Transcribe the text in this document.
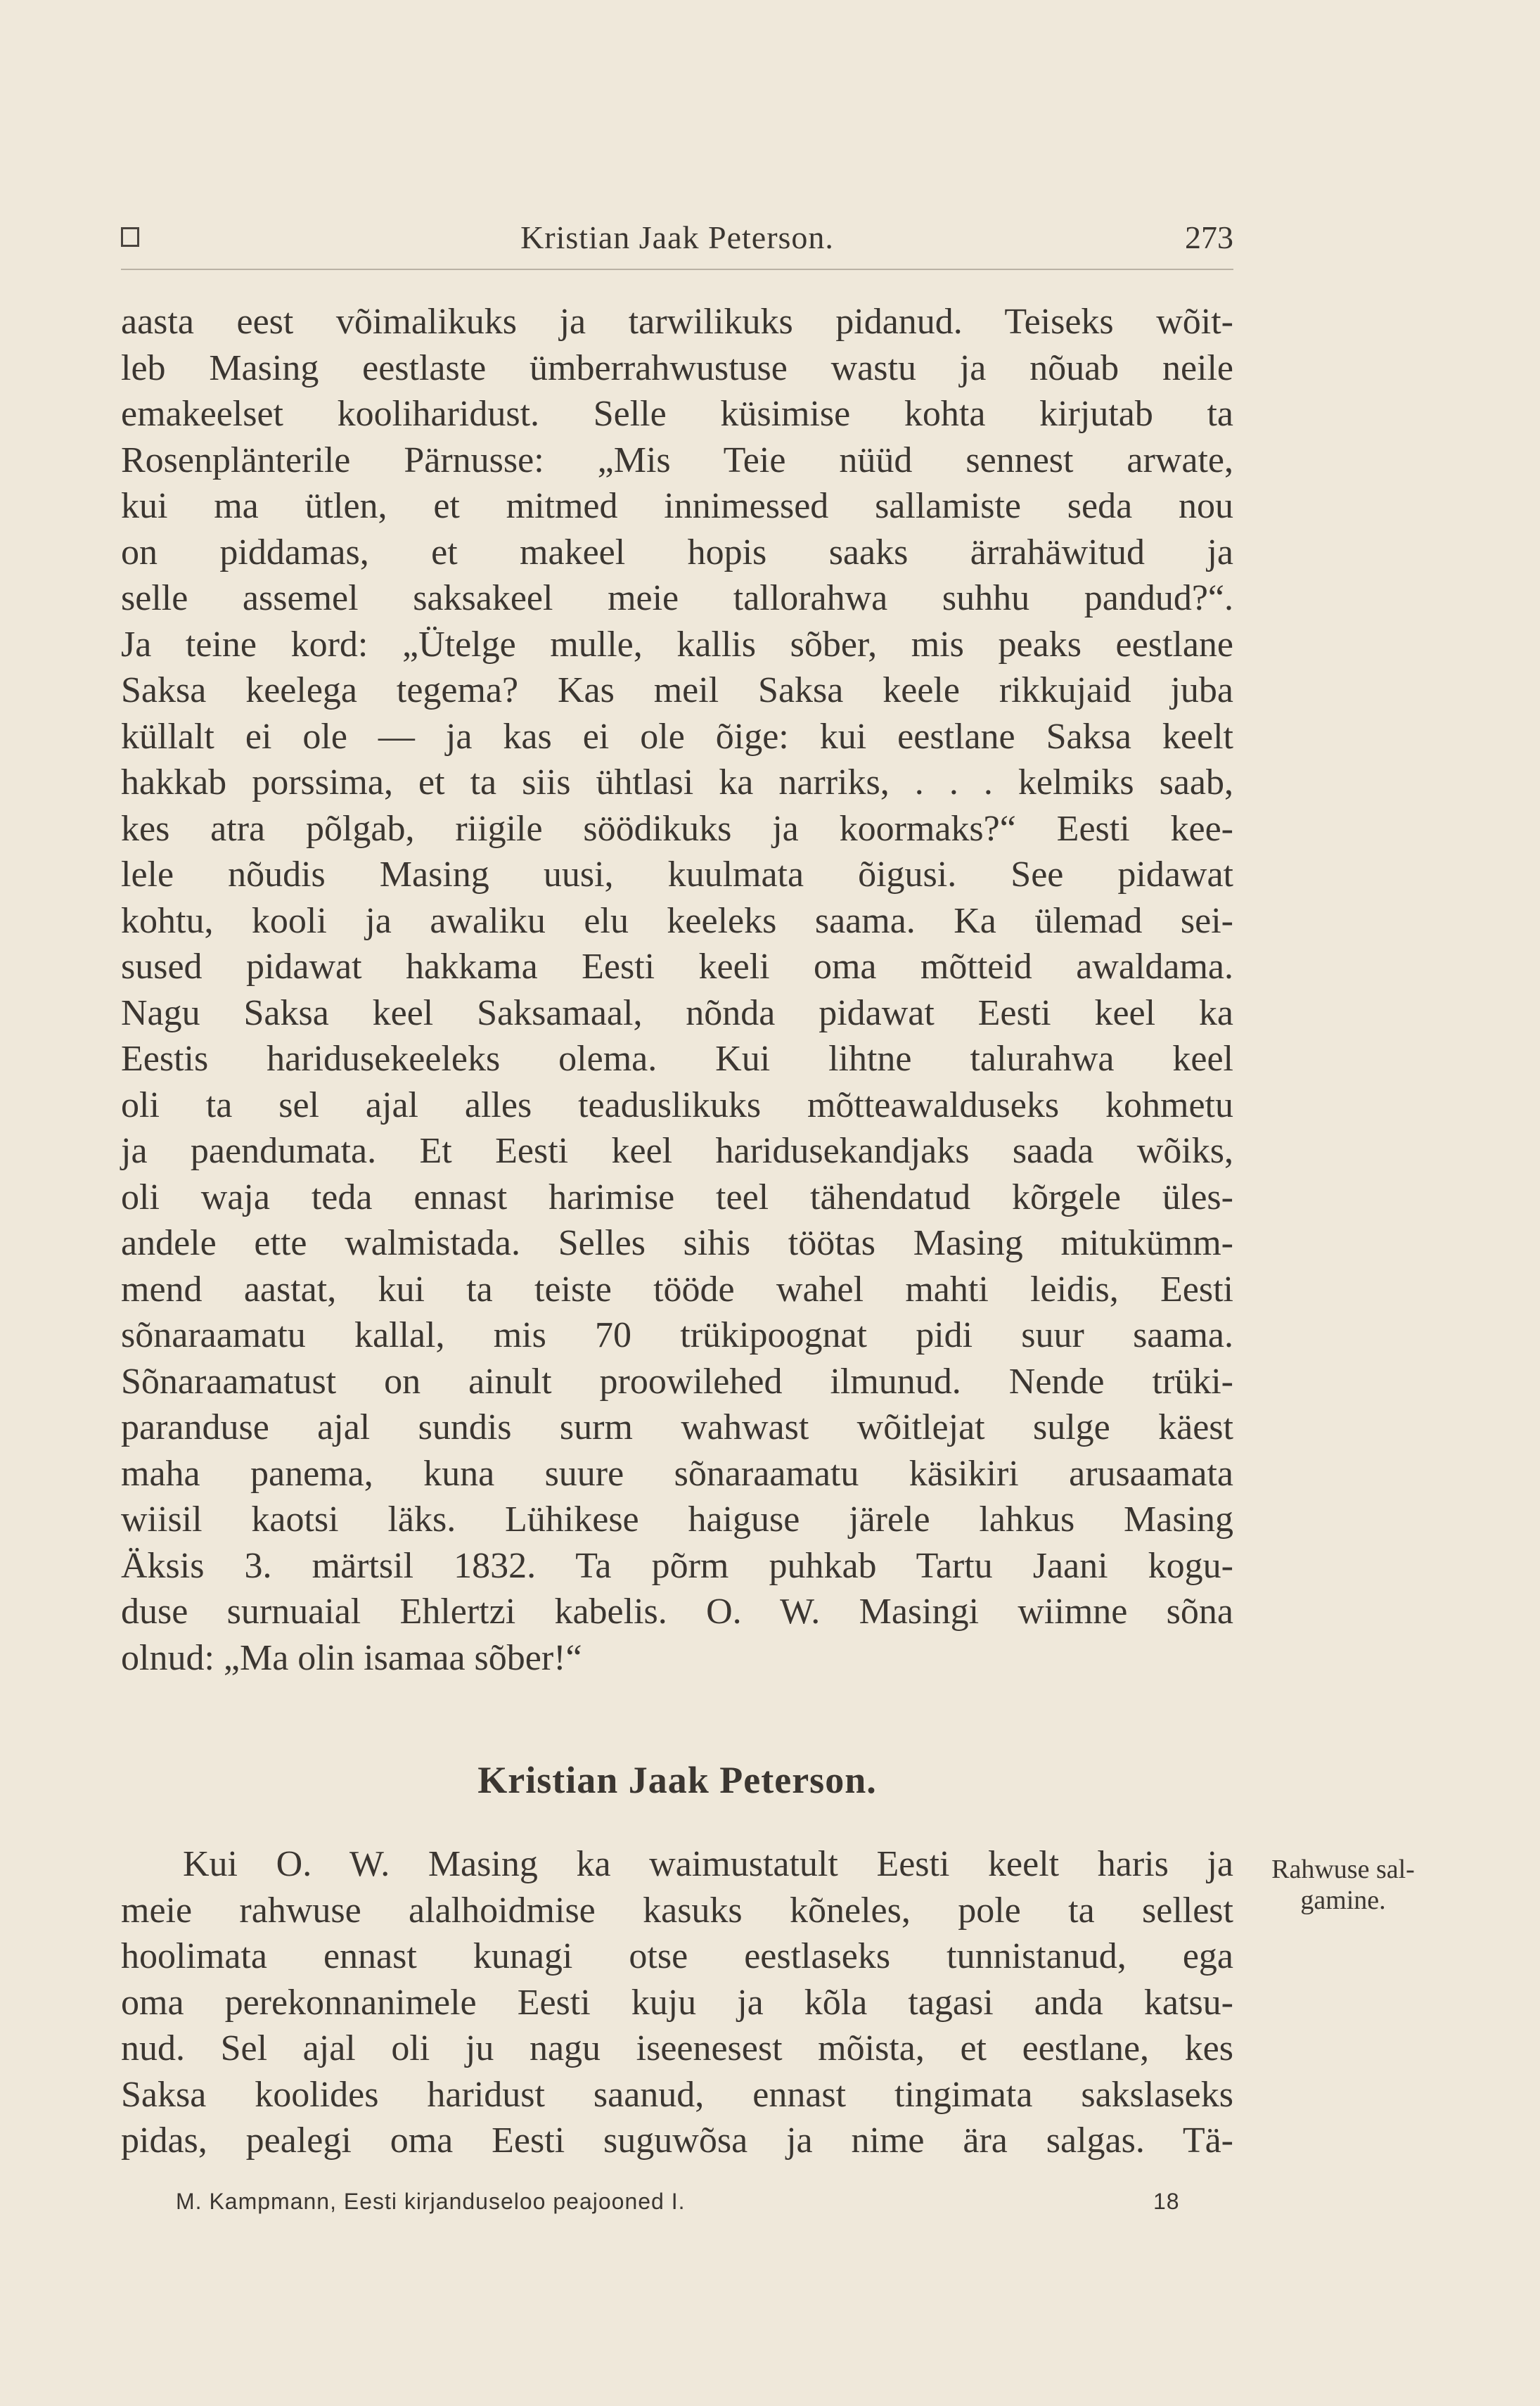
Kristian Jaak Peterson.	273
aasta eest võimalikuks ja tarwilikuks pidanud. Teiseks wõit-
leb Masing eestlaste ümberrahwustuse wastu ja nõuab neile
emakeelset kooliharidust. Selle küsimise kohta kirjutab ta
Rosenplänterile Pärnusse: „Mis Teie nüüd sennest arwate,
kui ma ütlen, et mitmed innimessed sallamiste seda nou
on piddamas, et makeel hopis saaks ärrahäwitud ja
selle assemel saksakeel meie tallorahwa suhhu pandud?“.
Ja teine kord: „Ütelge mulle, kallis sõber, mis peaks eestlane
Saksa keelega tegema? Kas meil Saksa keele rikkujaid juba
küllalt ei ole — ja kas ei ole õige: kui eestlane Saksa keelt
hakkab porssima, et ta siis ühtlasi ka narriks, . . . kelmiks saab,
kes atra põlgab, riigile söödikuks ja koormaks?“ Eesti kee-
lele nõudis Masing uusi, kuulmata õigusi. See pidawat
kohtu, kooli ja awaliku elu keeleks saama. Ka ülemad sei-
sused pidawat hakkama Eesti keeli oma mõtteid awaldama.
Nagu Saksa keel Saksamaal, nõnda pidawat Eesti keel ka
Eestis haridusekeeleks olema. Kui lihtne talurahwa keel
oli ta sel ajal alles teaduslikuks mõtteawalduseks kohmetu
ja paendumata. Et Eesti keel haridusekandjaks saada wõiks,
oli waja teda ennast harimise teel tähendatud kõrgele üles-
andele ette walmistada. Selles sihis töötas Masing mitukümm-
mend aastat, kui ta teiste tööde wahel mahti leidis, Eesti
sõnaraamatu kallal, mis 70 trükipoognat pidi suur saama.
Sõnaraamatust on ainult proowilehed ilmunud. Nende trüki-
paranduse ajal sundis surm wahwast wõitlejat sulge käest
maha panema, kuna suure sõnaraamatu käsikiri arusaamata
wiisil kaotsi läks. Lühikese haiguse järele lahkus Masing
Äksis 3. märtsil 1832. Ta põrm puhkab Tartu Jaani kogu-
duse surnuaial Ehlertzi kabelis. O. W. Masingi wiimne sõna
olnud: „Ma olin isamaa sõber!“
Kristian Jaak Peterson.
Kui O. W. Masing ka waimustatult Eesti keelt haris ja
meie rahwuse alalhoidmise kasuks kõneles, pole ta sellest
hoolimata ennast kunagi otse eestlaseks tunnistanud, ega
oma perekonnanimele Eesti kuju ja kõla tagasi anda katsu-
nud. Sel ajal oli ju nagu iseenesest mõista, et eestlane, kes
Saksa koolides haridust saanud, ennast tingimata sakslaseks
pidas, pealegi oma Eesti suguwõsa ja nime ära salgas. Tä-
Rahwuse sal-gamine.
M. Kampmann, Eesti kirjanduseloo peajooned I.	18
